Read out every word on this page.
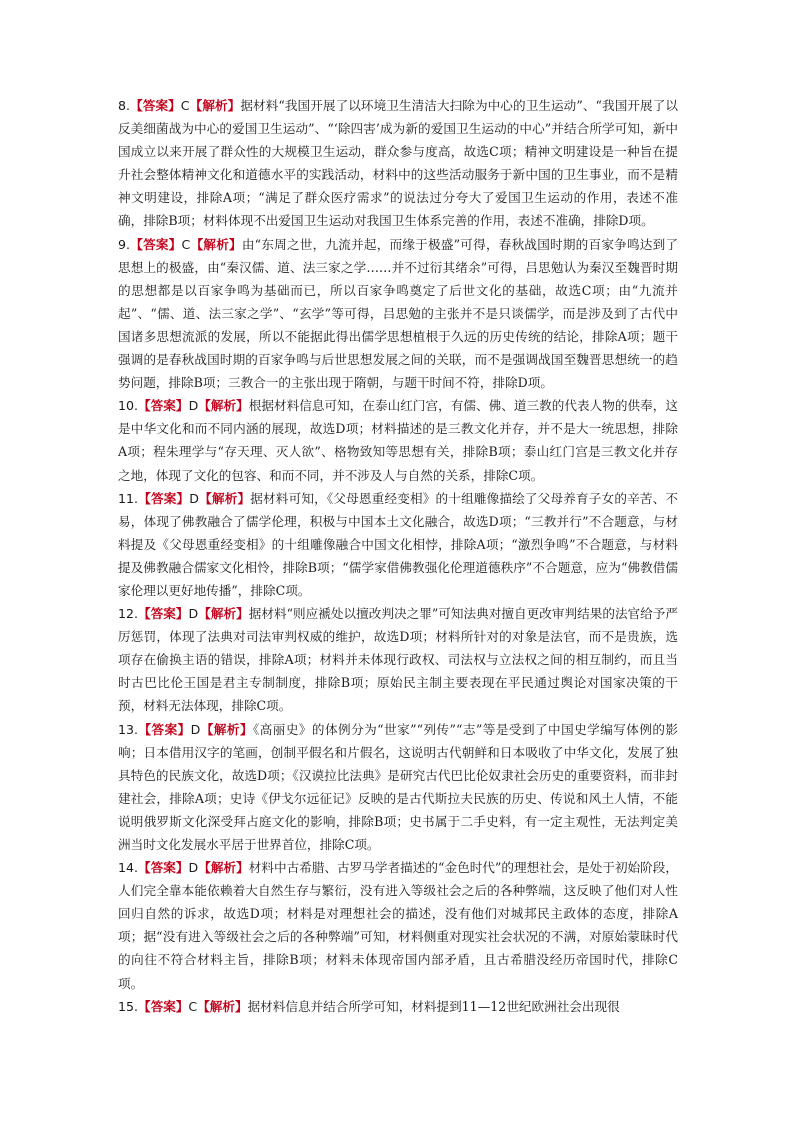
8.【答案】C【解析】据材料“我国开展了以环境卫生清洁大扫除为中心的卫生运动”、“我国开展了以反美细菌战为中心的爱国卫生运动”、“‘除四害’成为新的爱国卫生运动的中心”并结合所学可知，新中国成立以来开展了群众性的大规模卫生运动，群众参与度高，故选C项；精神文明建设是一种旨在提升社会整体精神文化和道德水平的实践活动，材料中的这些活动服务于新中国的卫生事业，而不是精神文明建设，排除A项；“满足了群众医疗需求”的说法过分夸大了爱国卫生运动的作用，表述不准确，排除B项；材料体现不出爱国卫生运动对我国卫生体系完善的作用，表述不准确，排除D项。

9.【答案】C【解析】由“东周之世，九流并起，而缘于极盛”可得，春秋战国时期的百家争鸣达到了思想上的极盛，由“秦汉儒、道、法三家之学……并不过衍其绪余”可得，吕思勉认为秦汉至魏晋时期的思想都是以百家争鸣为基础而已，所以百家争鸣奠定了后世文化的基础，故选C项；由“九流并起”、“儒、道、法三家之学”、“玄学”等可得，吕思勉的主张并不是只谈儒学，而是涉及到了古代中国诸多思想流派的发展，所以不能据此得出儒学思想植根于久远的历史传统的结论，排除A项；题干强调的是春秋战国时期的百家争鸣与后世思想发展之间的关联，而不是强调战国至魏晋思想统一的趋势问题，排除B项；三教合一的主张出现于隋朝，与题干时间不符，排除D项。

10.【答案】D【解析】根据材料信息可知，在泰山红门宫，有儒、佛、道三教的代表人物的供奉，这是中华文化和而不同内涵的展现，故选D项；材料描述的是三教文化并存，并不是大一统思想，排除A项；程朱理学与“存天理、灭人欲”、格物致知等思想有关，排除B项；泰山红门宫是三教文化并存之地，体现了文化的包容、和而不同，并不涉及人与自然的关系，排除C项。

11.【答案】D【解析】据材料可知，《父母恩重经变相》的十组雕像描绘了父母养育子女的辛苦、不易，体现了佛教融合了儒学伦理，积极与中国本土文化融合，故选D项；“三教并行”不合题意，与材料提及《父母恩重经变相》的十组雕像融合中国文化相悖，排除A项；“激烈争鸣”不合题意，与材料提及佛教融合儒家文化相怜，排除B项；“儒学家借佛教强化伦理道德秩序”不合题意，应为“佛教借儒家伦理以更好地传播”，排除C项。

12.【答案】D【解析】据材料“则应褫处以擅改判决之罪”可知法典对擅自更改审判结果的法官给予严厉惩罚，体现了法典对司法审判权威的维护，故选D项；材料所针对的对象是法官，而不是贵族，选项存在偷换主语的错误，排除A项；材料并未体现行政权、司法权与立法权之间的相互制约，而且当时古巴比伦王国是君主专制制度，排除B项；原始民主制主要表现在平民通过舆论对国家决策的干预，材料无法体现，排除C项。

13.【答案】D【解析】《高丽史》的体例分为“世家”“列传”“志”等是受到了中国史学编写体例的影响；日本借用汉字的笔画，创制平假名和片假名，这说明古代朝鲜和日本吸收了中华文化，发展了独具特色的民族文化，故选D项；《汉谟拉比法典》是研究古代巴比伦奴隶社会历史的重要资料，而非封建社会，排除A项；史诗《伊戈尔远征记》反映的是古代斯拉夫民族的历史、传说和风土人情，不能说明俄罗斯文化深受拜占庭文化的影响，排除B项；史书属于二手史料，有一定主观性，无法判定美洲当时文化发展水平居于世界首位，排除C项。

14.【答案】D【解析】材料中古希腊、古罗马学者描述的“金色时代”的理想社会，是处于初始阶段，人们完全靠本能依赖着大自然生存与繁衍，没有进入等级社会之后的各种弊端，这反映了他们对人性回归自然的诉求，故选D项；材料是对理想社会的描述，没有他们对城邦民主政体的态度，排除A项；据“没有进入等级社会之后的各种弊端”可知，材料侧重对现实社会状况的不满，对原始蒙昧时代的向往不符合材料主旨，排除B项；材料未体现帝国内部矛盾，且古希腊没经历帝国时代，排除C项。

15.【答案】C【解析】据材料信息并结合所学可知，材料提到11—12世纪欧洲社会出现很
